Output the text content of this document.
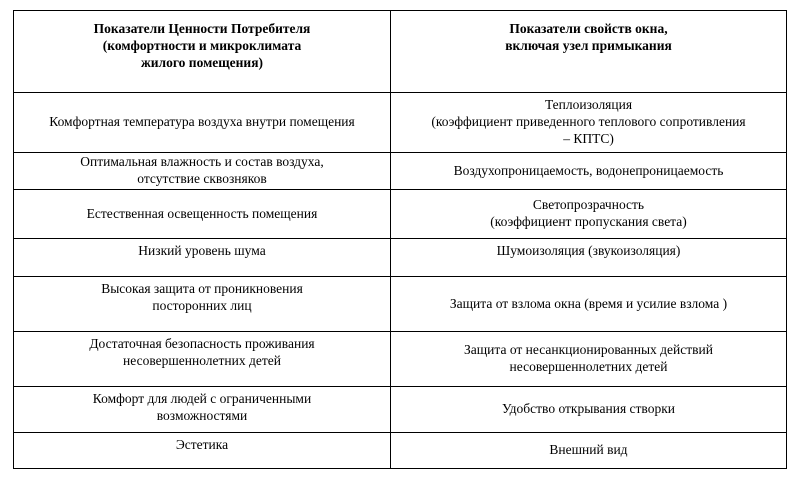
Показатели Ценности Потребителя
(комфортности и микроклимата
жилого помещения)	Показатели свойств окна,
включая узел примыкания

Комфортная температура воздуха внутри помещения	Теплоизоляция
(коэффициент приведенного теплового сопротивления
– КПТС)

Оптимальная влажность и состав воздуха,
отсутствие сквозняков	Воздухопроницаемость, водонепроницаемость

Естественная освещенность помещения	Светопрозрачность
(коэффициент пропускания света)

Низкий уровень шума	Шумоизоляция (звукоизоляция)

Высокая защита от проникновения
посторонних лиц	Защита от взлома окна (время и усилие взлома )

Достаточная безопасность проживания
несовершеннолетних детей	Защита от несанкционированных действий
несовершеннолетних детей

Комфорт для людей с ограниченными
возможностями	Удобство открывания створки

Эстетика	Внешний вид
